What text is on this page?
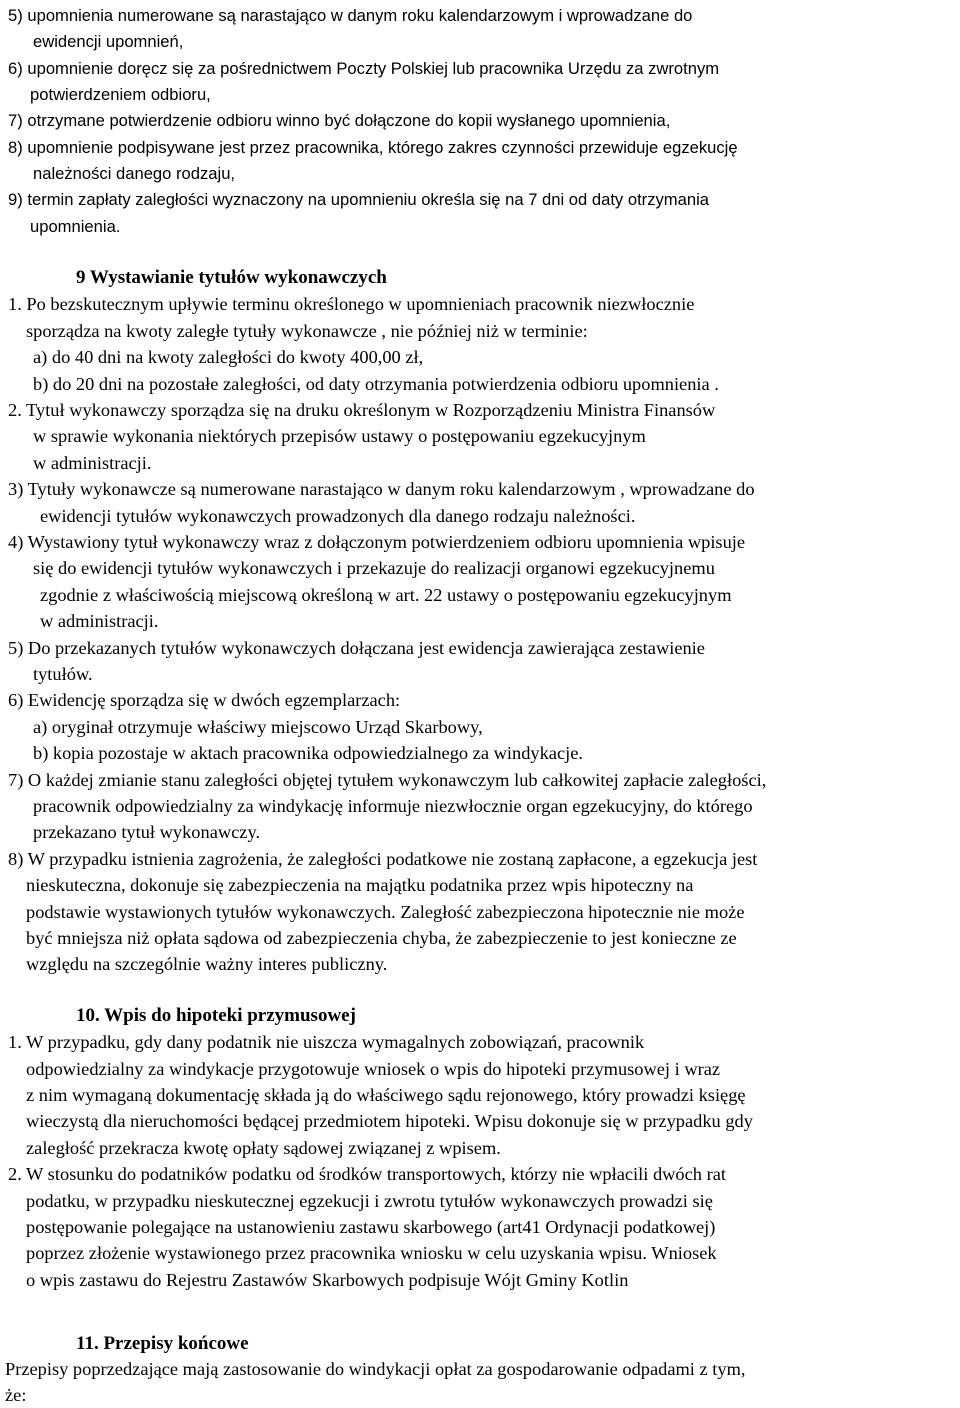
5) upomnienia numerowane są narastająco w danym roku kalendarzowym i wprowadzane do
ewidencji upomnień,
6) upomnienie doręcz się za pośrednictwem Poczty Polskiej lub pracownika Urzędu za zwrotnym
potwierdzeniem odbioru,
7) otrzymane potwierdzenie odbioru winno być dołączone do kopii wysłanego upomnienia,
8) upomnienie podpisywane jest przez pracownika, którego zakres czynności przewiduje egzekucję
należności danego rodzaju,
9) termin zapłaty zaległości wyznaczony na upomnieniu określa się na 7 dni od daty otrzymania
upomnienia.
9 Wystawianie tytułów wykonawczych
1. Po bezskutecznym upływie terminu określonego w upomnieniach pracownik niezwłocznie
sporządza na kwoty zaległe tytuły wykonawcze , nie później niż w terminie:
a) do 40 dni na kwoty zaległości do kwoty 400,00 zł,
b) do 20 dni na pozostałe zaległości, od daty otrzymania potwierdzenia odbioru upomnienia .
2. Tytuł wykonawczy sporządza się na druku określonym w Rozporządzeniu Ministra Finansów
w sprawie wykonania niektórych przepisów ustawy o postępowaniu egzekucyjnym
w administracji.
3) Tytuły wykonawcze są numerowane narastająco w danym roku kalendarzowym , wprowadzane do
ewidencji tytułów wykonawczych prowadzonych dla danego rodzaju należności.
4) Wystawiony tytuł wykonawczy wraz z dołączonym potwierdzeniem odbioru upomnienia wpisuje
się do ewidencji tytułów wykonawczych i przekazuje do realizacji organowi egzekucyjnemu
zgodnie z właściwością miejscową określoną w art. 22 ustawy o postępowaniu egzekucyjnym
w administracji.
5) Do przekazanych tytułów wykonawczych dołączana jest ewidencja zawierająca zestawienie
tytułów.
6) Ewidencję sporządza się w dwóch egzemplarzach:
a) oryginał otrzymuje właściwy miejscowo Urząd Skarbowy,
b) kopia pozostaje w aktach pracownika odpowiedzialnego za windykacje.
7) O każdej zmianie stanu zaległości objętej tytułem wykonawczym lub całkowitej zapłacie zaległości,
pracownik odpowiedzialny za windykację informuje niezwłocznie organ egzekucyjny, do którego
przekazano tytuł wykonawczy.
8) W przypadku istnienia zagrożenia, że zaległości podatkowe nie zostaną zapłacone, a egzekucja jest
nieskuteczna, dokonuje się zabezpieczenia na majątku podatnika przez wpis hipoteczny na
podstawie wystawionych tytułów wykonawczych. Zaległość zabezpieczona hipotecznie nie może
być mniejsza niż opłata sądowa od zabezpieczenia chyba, że zabezpieczenie to jest konieczne ze
względu na szczególnie ważny interes publiczny.
10. Wpis do hipoteki przymusowej
1. W przypadku, gdy dany podatnik nie uiszcza wymagalnych zobowiązań, pracownik
odpowiedzialny za windykacje przygotowuje wniosek o wpis do hipoteki przymusowej i wraz
z nim wymaganą dokumentację składa ją do właściwego sądu rejonowego, który prowadzi księgę
wieczystą dla nieruchomości będącej przedmiotem hipoteki. Wpisu dokonuje się w przypadku gdy
zaległość przekracza kwotę opłaty sądowej związanej z wpisem.
2. W stosunku do podatników podatku od środków transportowych, którzy nie wpłacili dwóch rat
podatku, w przypadku nieskutecznej egzekucji i zwrotu tytułów wykonawczych prowadzi się
postępowanie polegające na ustanowieniu zastawu skarbowego (art41 Ordynacji podatkowej)
poprzez złożenie wystawionego przez pracownika wniosku w celu uzyskania wpisu. Wniosek
o wpis zastawu do Rejestru Zastawów Skarbowych podpisuje Wójt Gminy Kotlin
11. Przepisy końcowe
Przepisy poprzedzające mają zastosowanie do windykacji opłat za gospodarowanie odpadami z tym,
że:
